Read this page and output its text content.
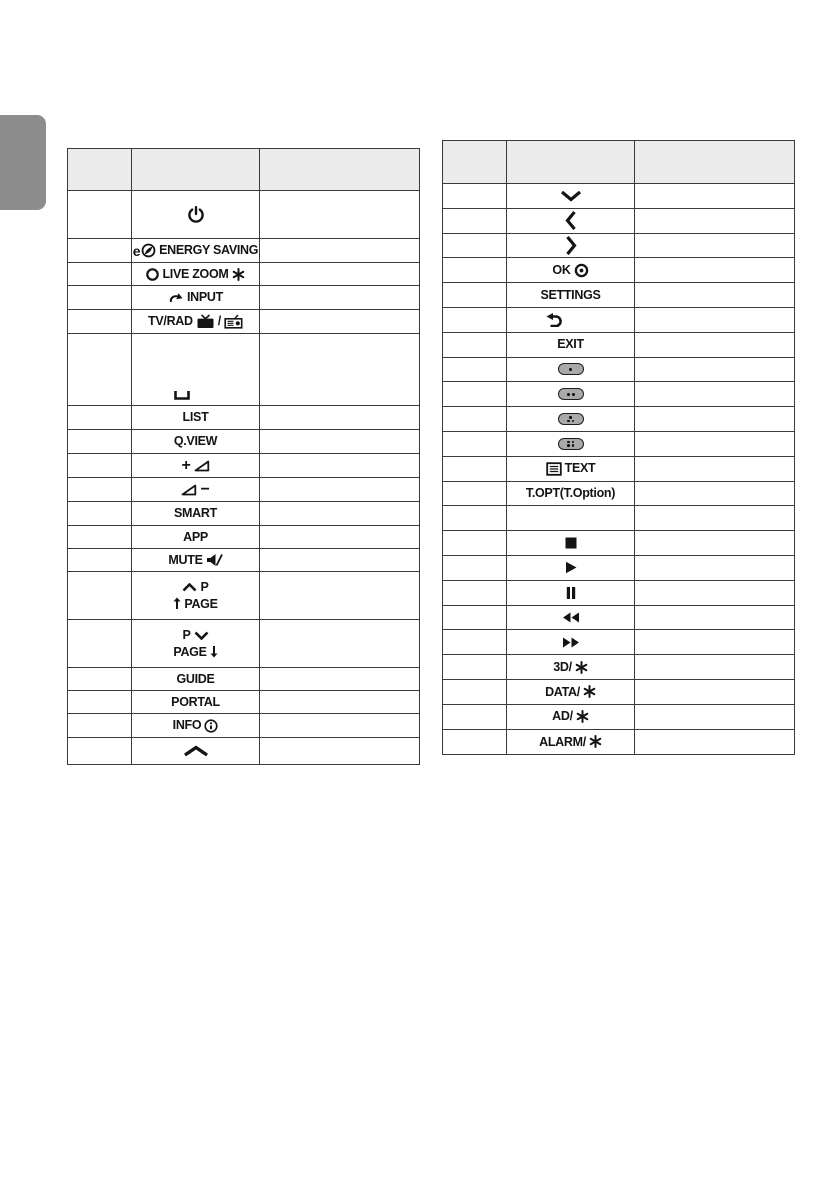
e ENERGY SAVING
LIVE ZOOM
INPUT
TV/RAD /
LIST
Q.VIEW
+
−
SMART
APP
MUTE
P
PAGE
P
PAGE
GUIDE
PORTAL
INFO
OK
SETTINGS
EXIT
TEXT
T.OPT(T.Option)
3D/
DATA/
AD/
ALARM/
